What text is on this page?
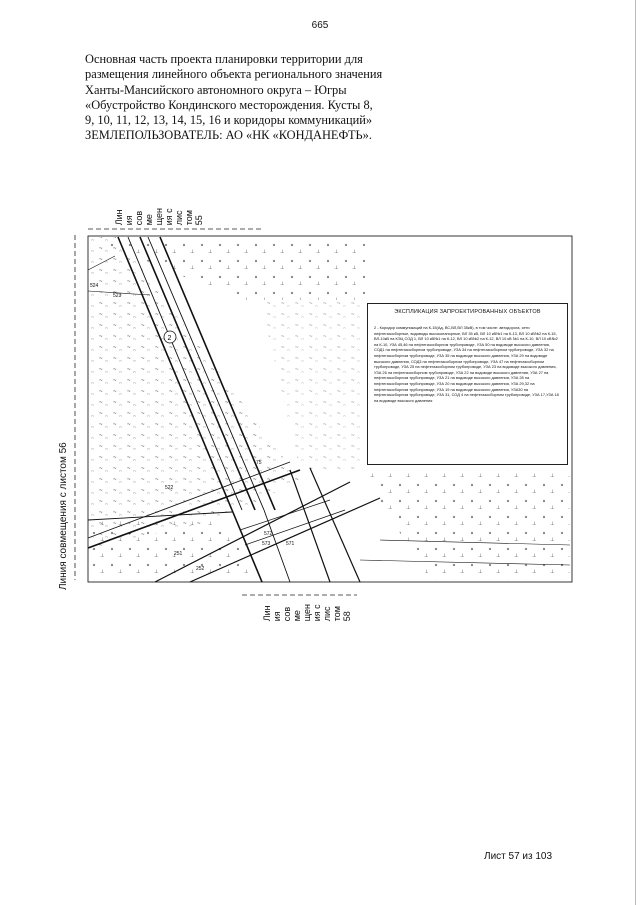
665
Основная часть проекта планировки территории для
размещения линейного объекта регионального значения
Ханты-Мансийского автономного округа – Югры
«Обустройство Кондинского месторождения. Кусты 8,
9, 10, 11, 12, 13, 14, 15, 16 и коридоры коммуникаций»
ЗЕМЛЕПОЛЬЗОВАТЕЛЬ: АО «НК «КОНДАНЕФТЬ».
Лин ия сов ме щен ия с лис том 55
Лин ия сов ме щен ия с лис том 58
Линия совмещения с листом 56
2
524
523
522
251
252
572
573	571
75
ЭКСПЛИКАЦИЯ ЗАПРОЕКТИРОВАННЫХ ОБЪЕКТОВ
2 - Коридор коммуникаций на К-15(Ад, ВС,ВЛ,ВЛ 35кВ), в том числе: автодорога, сети нефтегазосборные, водоводы высоконапорные, ВЛ 35 кВ, ВЛ 10 кВ№1 на К-13, ВЛ 10 кВ№2 на К-15, ВЛ-10кВ на КЭЦ СОД 1, ВЛ 10 кВ№1 на К-12, ВЛ 10 кВ№2 на К-12, ВЛ 10 кВ №1 на К-10, ВЛ 10 кВ№2 на К-10, УЗА 45,46 на нефтегазосборном трубопроводе, УЗА 50 на водоводе высокого давления, СОД1 на нефтегазосборном трубопроводе, УЗА 34 на нефтегазосборном трубопроводе, УЗА 32 на нефтегазосборном трубопроводе, УЗА 35 на водоводе высокого давления, УЗА 29 на водоводе высокого давления, СОД3 на нефтегазосборном трубопроводе, УЗА 47 на нефтегазосборном трубопроводе, УЗА 25 на нефтегазосборном трубопроводе, УЗА 23 на водоводе высокого давления, УЗА 26 на нефтегазосборном трубопроводе, УЗА 22 на водоводе высокого давления, УЗА 27 на нефтегазосборном трубопроводе, УЗА 21 на водоводе высокого давления, УЗА 28 на нефтегазосборном трубопроводе, УЗА 20 на водоводе высокого давления, УЗА 29,32 на нефтегазосборном трубопроводе, УЗА 19 на водоводе высокого давления, УЗА30 на нефтегазосборном трубопроводе, УЗА 31, СОД 4 на нефтегазосборном трубопроводе, УЗА 17,УЗА 18 на водоводе высокого давления
Лист 57 из 103
